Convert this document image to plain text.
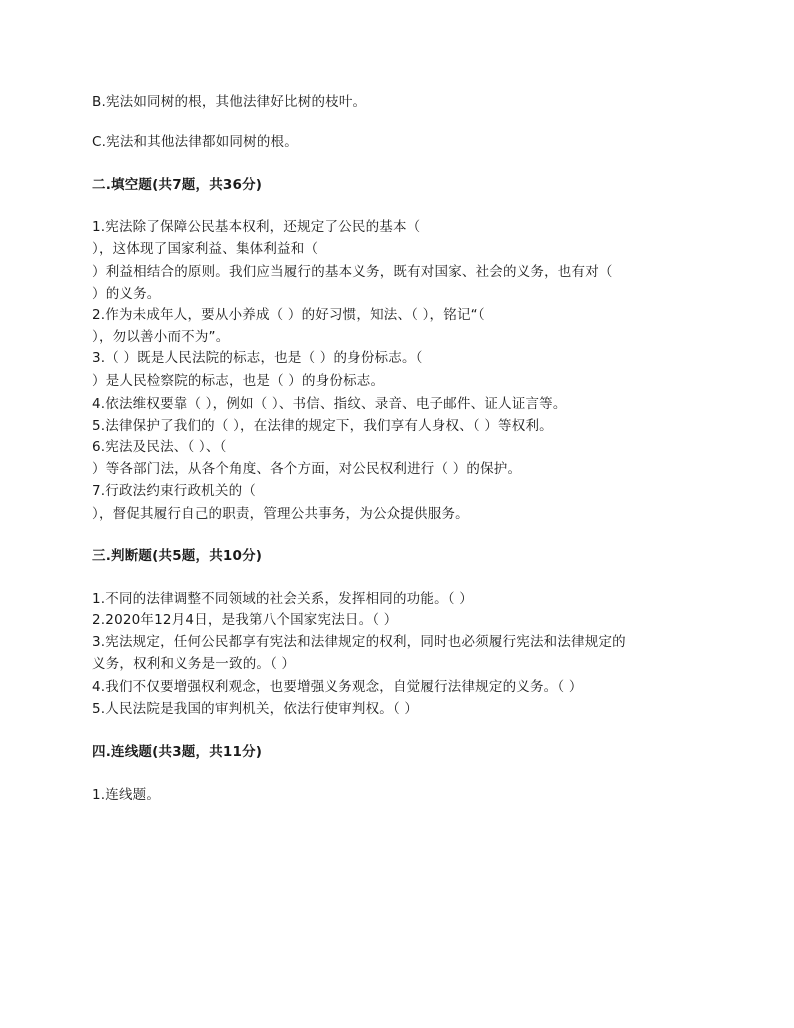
B.宪法如同树的根，其他法律好比树的枝叶。
C.宪法和其他法律都如同树的根。
二.填空题(共7题，共36分)
1.宪法除了保障公民基本权利，还规定了公民的基本（
），这体现了国家利益、集体利益和（
）利益相结合的原则。我们应当履行的基本义务，既有对国家、社会的义务，也有对（
）的义务。
2.作为未成年人，要从小养成（ ）的好习惯，知法、（ ），铭记“（
），勿以善小而不为”。
3.（ ）既是人民法院的标志，也是（ ）的身份标志。（
）是人民检察院的标志，也是（ ）的身份标志。
4.依法维权要靠（ ），例如（ ）、书信、指纹、录音、电子邮件、证人证言等。
5.法律保护了我们的（ ），在法律的规定下，我们享有人身权、（ ）等权利。
6.宪法及民法、（ ）、（
）等各部门法，从各个角度、各个方面，对公民权利进行（ ）的保护。
7.行政法约束行政机关的（
），督促其履行自己的职责，管理公共事务，为公众提供服务。
三.判断题(共5题，共10分)
1.不同的法律调整不同领域的社会关系，发挥相同的功能。（ ）
2.2020年12月4日，是我第八个国家宪法日。（ ）
3.宪法规定，任何公民都享有宪法和法律规定的权利，同时也必须履行宪法和法律规定的
义务，权利和义务是一致的。（ ）
4.我们不仅要增强权利观念，也要增强义务观念，自觉履行法律规定的义务。（ ）
5.人民法院是我国的审判机关，依法行使审判权。（ ）
四.连线题(共3题，共11分)
1.连线题。
